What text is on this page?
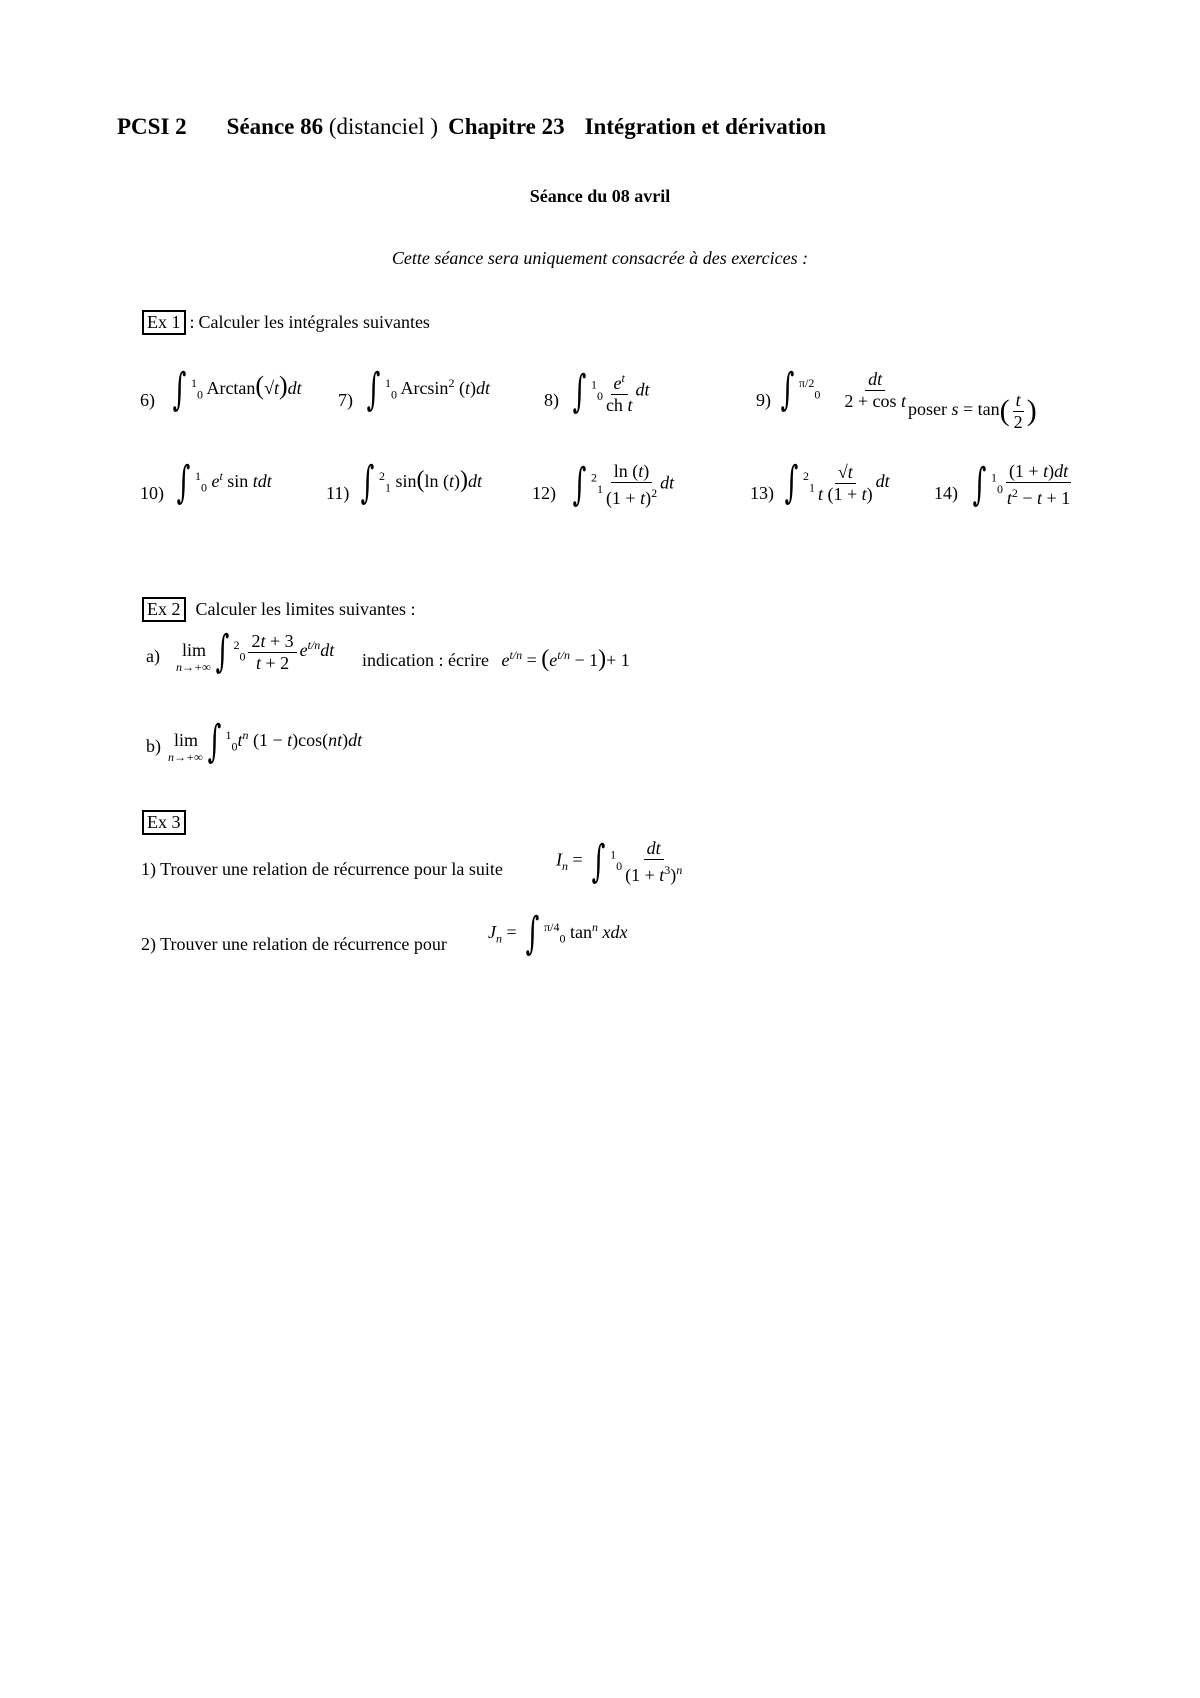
PCSI 2 Séance 86 (distanciel ) Chapitre 23 Intégration et dérivation
Séance du 08 avril
Cette séance sera uniquement consacrée à des exercices :
Ex 1 : Calculer les intégrales suivantes
6) ∫ $^1_0$ Arctan(√t)dt
7) ∫ $^1_0$ Arcsin$^2$ (t)dt
8) ∫ $^1_0 \frac{e^t}{\text{ch t}}$ dt
9) ∫ $^{\pi/2}_0 \frac{dt}{\text{2 + cos t}}$ poser $s = \tan( \frac{t}{2}$ )
10) ∫ $^1_0$ $e^t$ sin tdt
11) ∫ $^2_1$ sin(ln (t))dt
12) ∫ $^2_1 \frac{\ln (t)}{(1 + t)^2}$ dt
13) ∫ $^2_1 \frac{√t}{t (1 + t)}$ dt
14) ∫ $^1_0 \frac{(1 + t)dt}{t^2 - t + 1}$
Ex 2 Calculer les limites suivantes :
a) lim
n→+∞ ∫ $^2_0 \frac{2t + 3}{t + 2} e^{t/n}dt$ indication : écrire $e^{t/n} = (e^{t/n} - 1)+ 1$
b) lim
n→+∞ ∫ $^1_0t^n$ (1 − t)cos(nt)dt
Ex 3
1) Trouver une relation de récurrence pour la suite	$I_n$ = ∫ $^1_0 \frac{dt}{(1 + t^3)^n}$
2) Trouver une relation de récurrence pour
$J_n$ = ∫ $^{\pi/4}_0$ $\tan^n$ xdx
